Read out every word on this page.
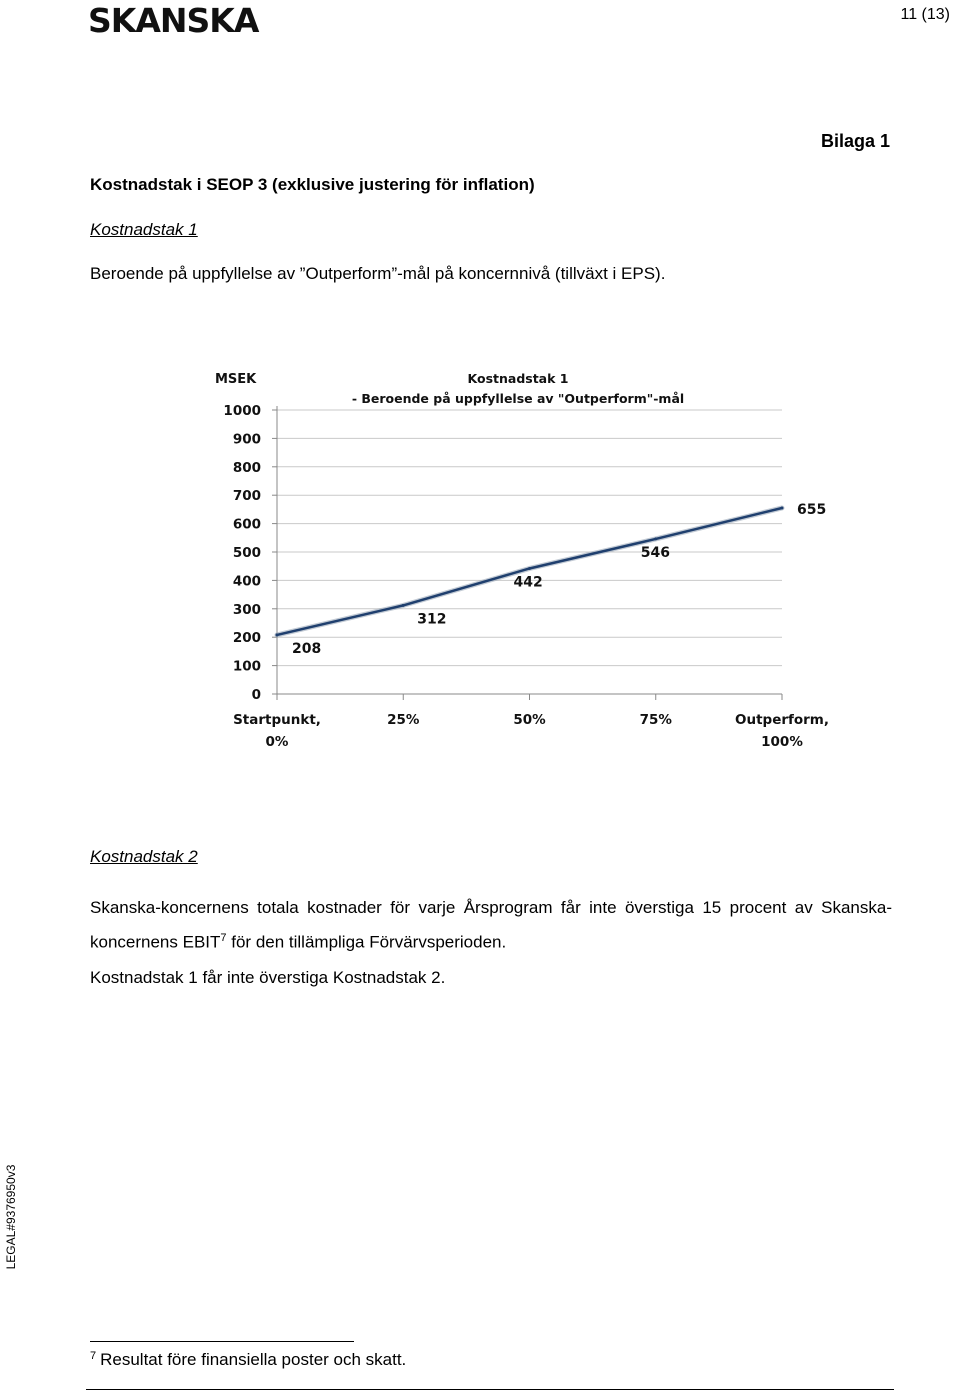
SKANSKA	11 (13)
Bilaga 1
Kostnadstak i SEOP 3 (exklusive justering för inflation)
Kostnadstak 1
Beroende på uppfyllelse av ”Outperform”-mål på koncernnivå (tillväxt i EPS).
MSEK	Kostnadstak 1
- Beroende på uppfyllelse av "Outperform"-mål
0
100
200
300
400
500
600
700
800
900
1000
Startpunkt, 0%
25%	50%	75%	Outperform, 100%
208
312
442
546
655
Kostnadstak 2
Skanska-koncernens totala kostnader för varje Årsprogram får inte överstiga 15 procent av Skanska-koncernens EBIT$^7$ för den tillämpliga Förvärvsperioden.
Kostnadstak 1 får inte överstiga Kostnadstak 2.
LEGAL#9376950v3
$^7$ Resultat före finansiella poster och skatt.
